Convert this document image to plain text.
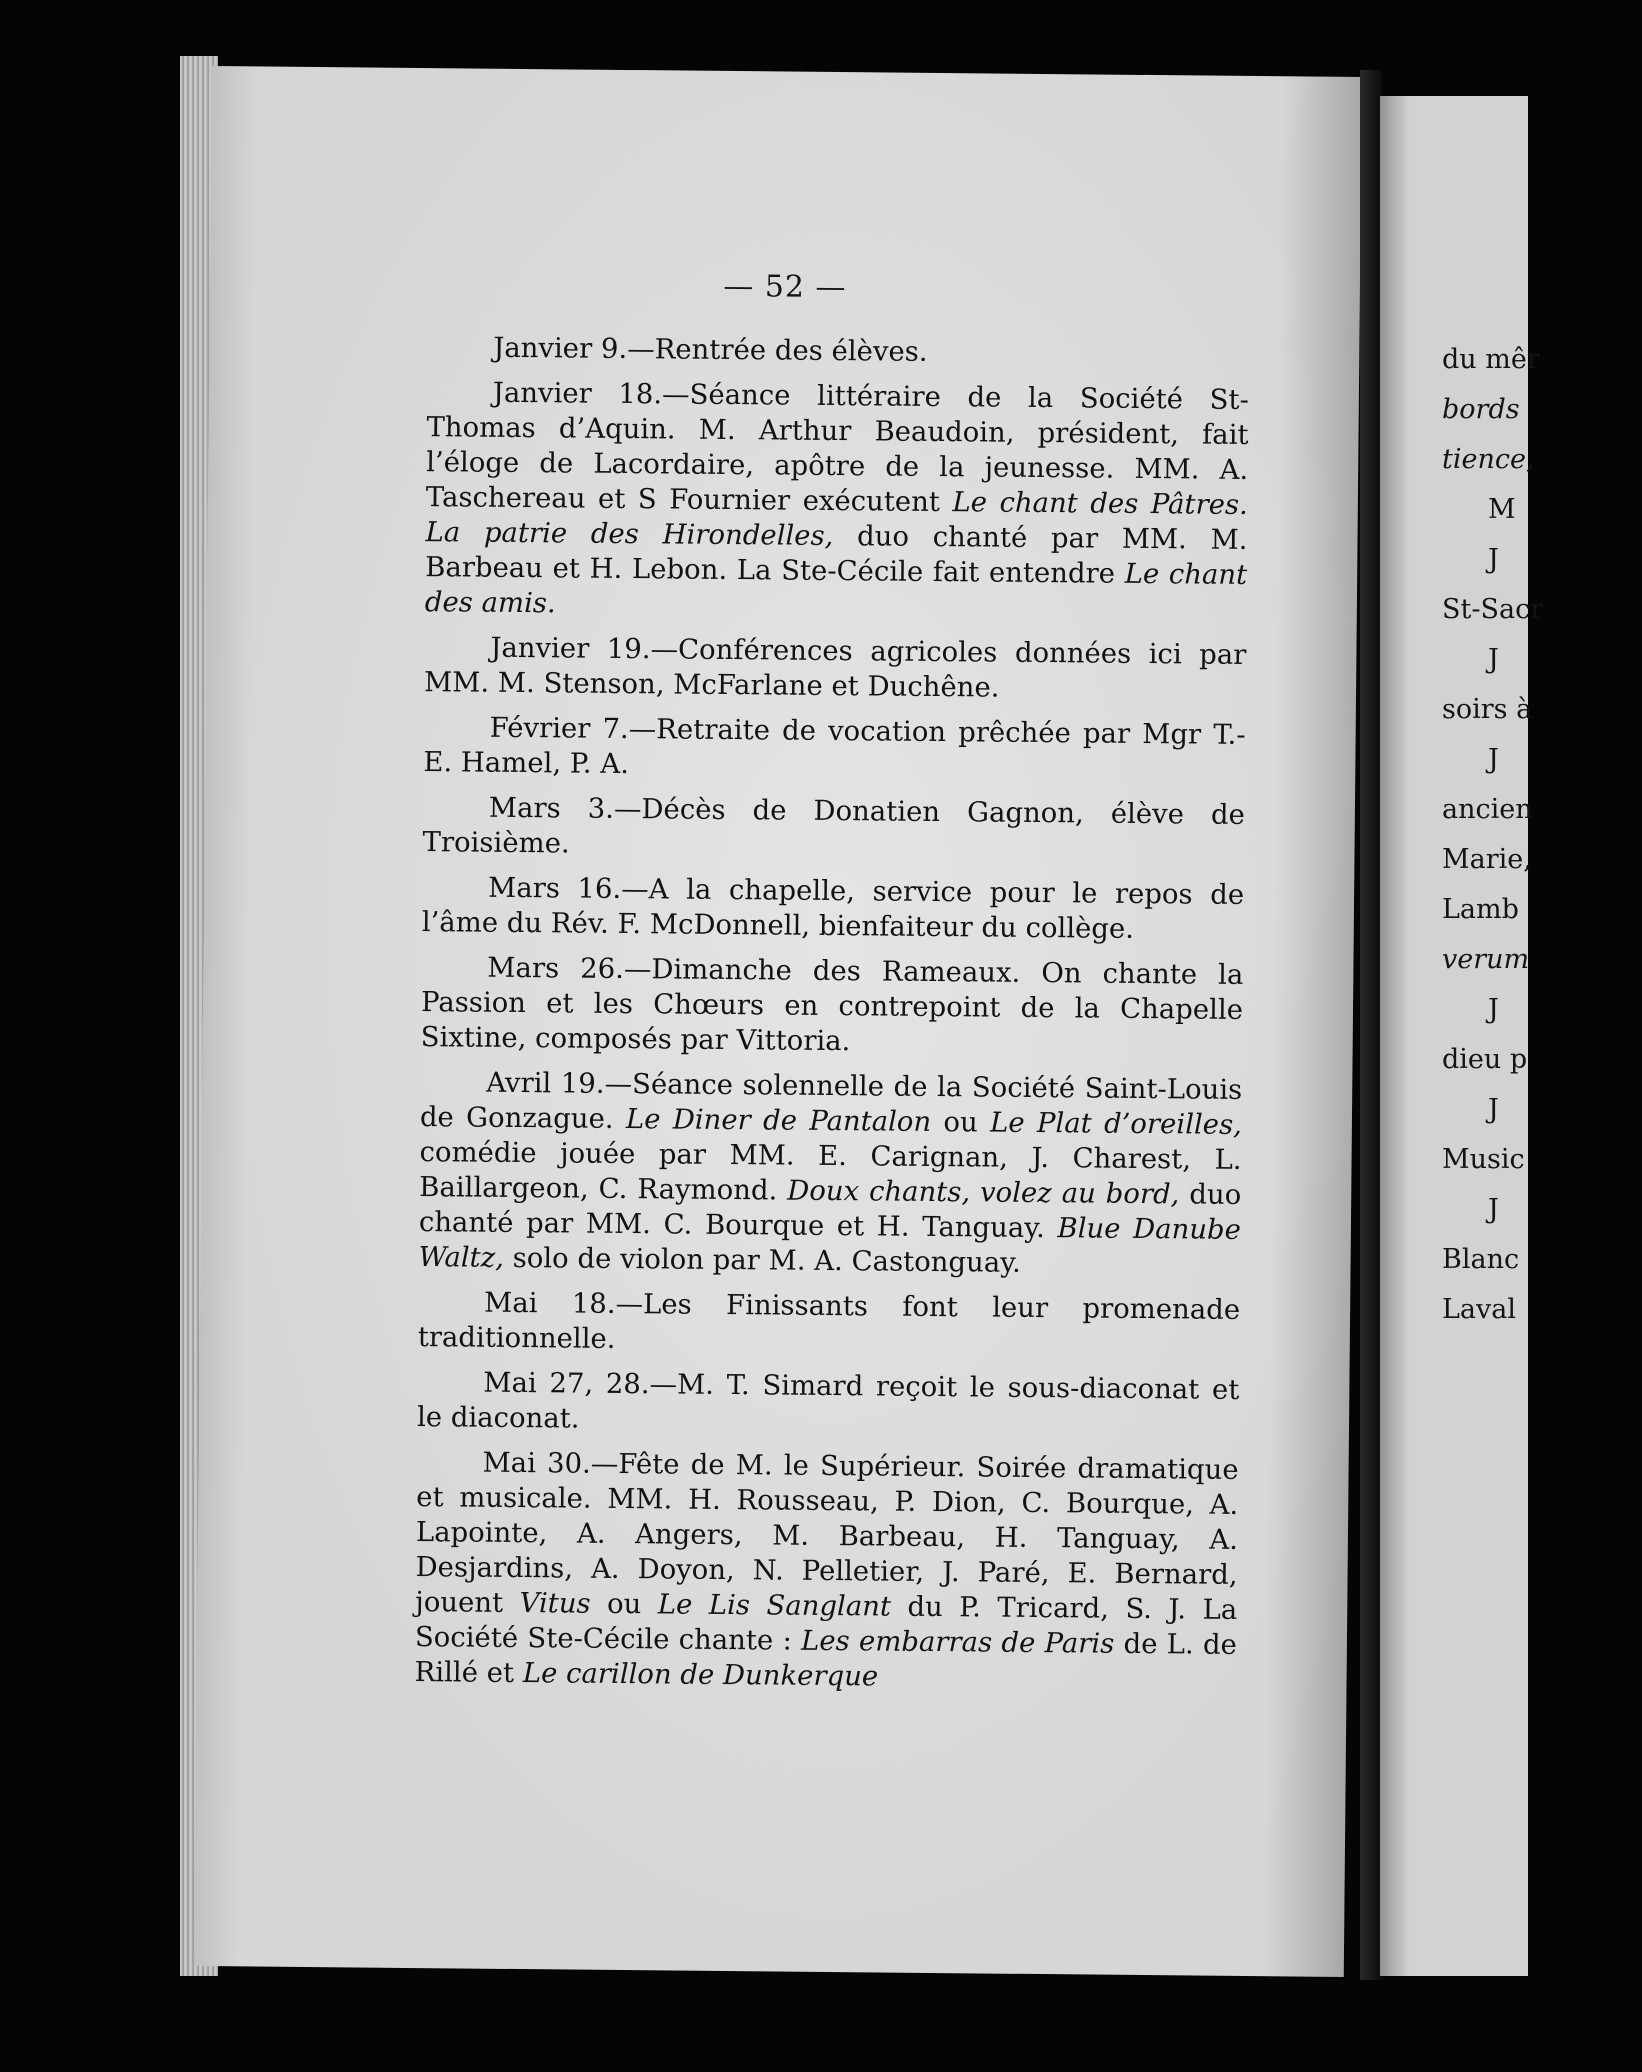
— 52 —

Janvier 9.—Rentrée des élèves.

Janvier 18.—Séance littéraire de la Société St-Thomas d’Aquin. M. Arthur Beaudoin, président, fait l’éloge de Lacordaire, apôtre de la jeunesse. MM. A. Taschereau et S Fournier exécutent Le chant des Pâtres. La patrie des Hirondelles, duo chanté par MM. M. Barbeau et H. Lebon. La Ste-Cécile fait entendre Le chant des amis.

Janvier 19.—Conférences agricoles données ici par MM. M. Stenson, McFarlane et Duchêne.

Février 7.—Retraite de vocation prêchée par Mgr T.-E. Hamel, P. A.

Mars 3.—Décès de Donatien Gagnon, élève de Troisième.

Mars 16.—A la chapelle, service pour le repos de l’âme du Rév. F. McDonnell, bienfaiteur du collège.

Mars 26.—Dimanche des Rameaux. On chante la Passion et les Chœurs en contrepoint de la Chapelle Sixtine, composés par Vittoria.

Avril 19.—Séance solennelle de la Société Saint-Louis de Gonzague. Le Diner de Pantalon ou Le Plat d’oreilles, comédie jouée par MM. E. Carignan, J. Charest, L. Baillargeon, C. Raymond. Doux chants, volez au bord, duo chanté par MM. C. Bourque et H. Tanguay. Blue Danube Waltz, solo de violon par M. A. Castonguay.

Mai 18.—Les Finissants font leur promenade traditionnelle.

Mai 27, 28.—M. T. Simard reçoit le sous-diaconat et le diaconat.

Mai 30.—Fête de M. le Supérieur. Soirée dramatique et musicale. MM. H. Rousseau, P. Dion, C. Bourque, A. Lapointe, A. Angers, M. Barbeau, H. Tanguay, A. Desjardins, A. Doyon, N. Pelletier, J. Paré, E. Bernard, jouent Vitus ou Le Lis Sanglant du P. Tricard, S. J. La Société Ste-Cécile chante : Les embarras de Paris de L. de Rillé et Le carillon de Dunkerque

du mêr
bords
tience,
M
J
St-Sacr
J
soirs à
J
ancien
Marie,
Lamb
verum
J
dieu p
J
Music
J
Blanc
Laval
